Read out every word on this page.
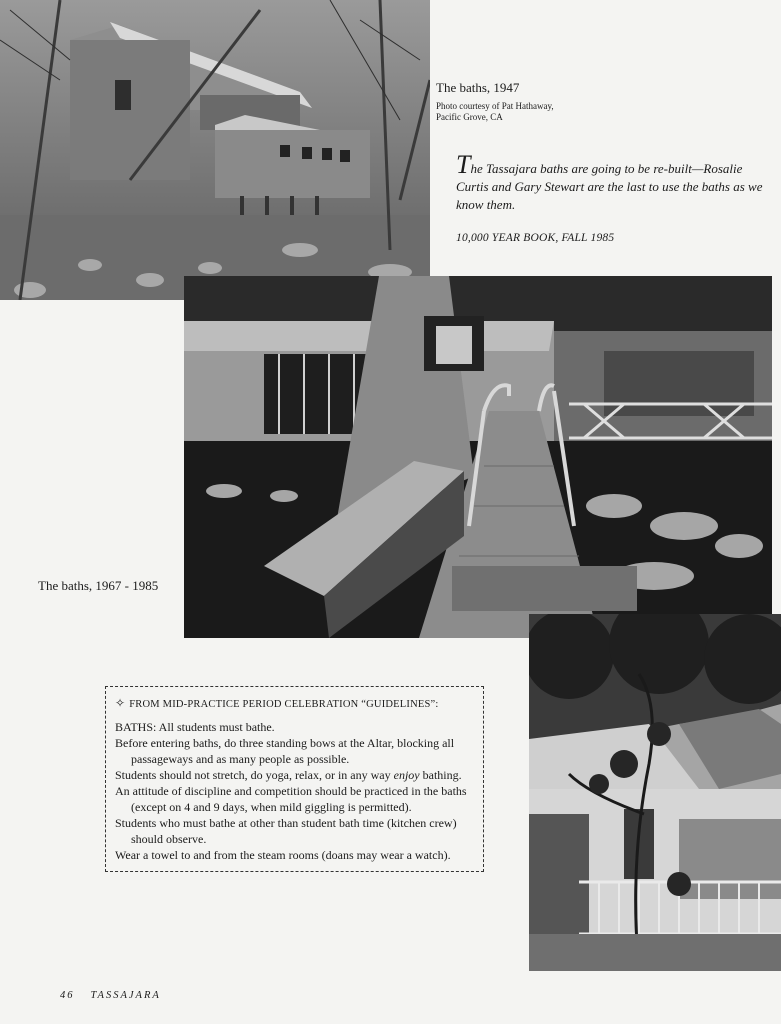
The baths, 1947

Photo courtesy of Pat Hathaway,

Pacific Grove, CA

The Tassajara baths are going to be re-built—Rosalie Curtis and Gary Stewart are the last to use the baths as we know them.
10,000 YEAR BOOK, FALL 1985
The baths, 1967 - 1985
✧ FROM MID-PRACTICE PERIOD CELEBRATION “GUIDELINES”:

BATHS: All students must bathe.

Before entering baths, do three standing bows at the Altar, blocking all passageways and as many people as possible.

Students should not stretch, do yoga, relax, or in any way enjoy bathing.

An attitude of discipline and competition should be practiced in the baths (except on 4 and 9 days, when mild giggling is permitted).

Students who must bathe at other than student bath time (kitchen crew) should observe.

Wear a towel to and from the steam rooms (doans may wear a watch).

46 TASSAJARA
